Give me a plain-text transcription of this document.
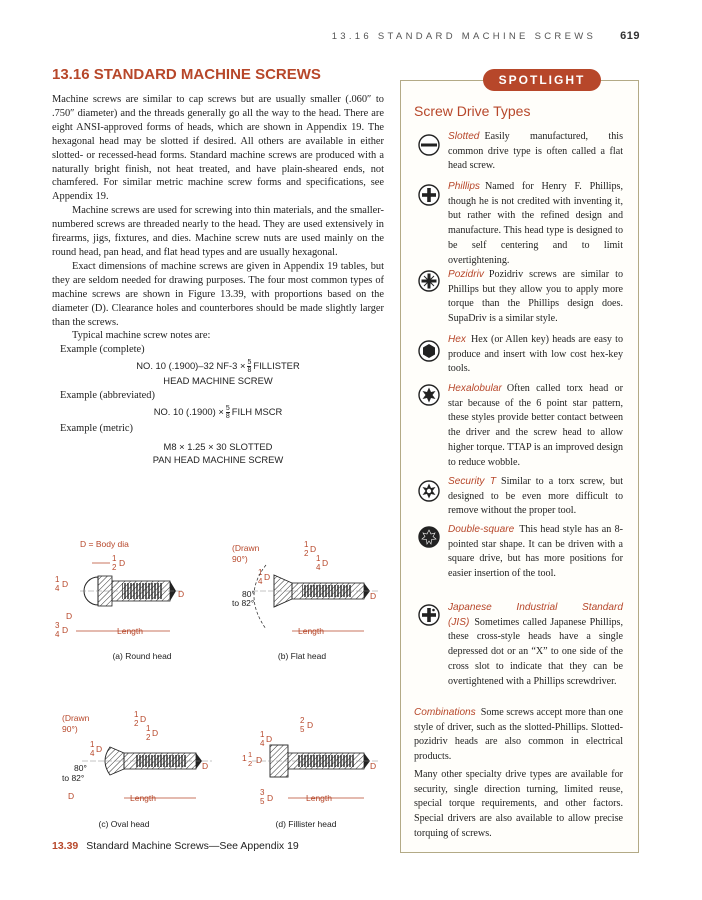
13.16 STANDARD MACHINE SCREWS 619
13.16 STANDARD MACHINE SCREWS

Machine screws are similar to cap screws but are usually smaller (.060″ to .750″ diameter) and the threads generally go all the way to the head. There are eight ANSI-approved forms of heads, which are shown in Appendix 19. The hexagonal head may be slotted if desired. All others are available in either slotted- or recessed-head forms. Standard machine screws are produced with a naturally bright finish, not heat treated, and have plain-sheared ends, not chamfered. For similar metric machine screw forms and specifications, see Appendix 19.

Machine screws are used for screwing into thin materials, and the smaller-numbered screws are threaded nearly to the head. They are used extensively in firearms, jigs, fixtures, and dies. Machine screw nuts are used mainly on the round head, pan head, and flat head types and are usually hexagonal.

Exact dimensions of machine screws are given in Appendix 19 tables, but they are seldom needed for drawing purposes. The four most common types of machine screws are shown in Figure 13.39, with proportions based on the diameter (D). Clearance holes and counterbores should be made slightly larger than the screws.

Typical machine screw notes are:

Example (complete)

NO. 10 (.1900)–32 $NF-3 \times \frac{5}{8}$ FILLISTER
HEAD MACHINE SCREW

Example (abbreviated)

NO. 10 $(.1900) \times \frac{5}{8}$ FILH MSCR

Example (metric)

M8 × 1.25 × 30 SLOTTED
PAN HEAD MACHINE SCREW
D = Body dia
1
2 D
1
4 D
D
D
3
4 D	Length
(a) Round head
(Drawn
90°)
1
2 D
1
4 D
1
4 D
80°
to 82°
D
Length
(b) Flat head
(Drawn
90°)
1
2 D
1
2 D
1
4 D
80°
to 82°
D
D	Length
(c) Oval head
2
5 D
1
4 D
1 1
2 D
D
3
5 D	Length
(d) Fillister head
13.39 Standard Machine Screws—See Appendix 19
SPOTLIGHT
Screw Drive Types
Slotted Easily manufactured, this common drive type is often called a flat head screw.
Phillips Named for Henry F. Phillips, though he is not credited with inventing it, but rather with the refined design and manufacture. This head type is designed to be self centering and to limit overtightening.
Pozidriv Pozidriv screws are similar to Phillips but they allow you to apply more torque than the Phillips design does. SupaDriv is a similar style.
Hex Hex (or Allen key) heads are easy to produce and insert with low cost hex-key tools.
Hexalobular Often called torx head or star because of the 6 point star pattern, these styles provide better contact between the driver and the screw head to allow higher torque. TTAP is an improved design to reduce wobble.
Security T Similar to a torx screw, but designed to be even more difficult to remove without the proper tool.
Double-square This head style has an 8-pointed star shape. It can be driven with a square drive, but has more positions for easier insertion of the tool.
Japanese Industrial Standard (JIS) Sometimes called Japanese Phillips, these cross-style heads have a single depressed dot or an “X” to one side of the cross slot to indicate that they can be overtightened with a Phillips screwdriver.
Combinations Some screws accept more than one style of driver, such as the slotted-Phillips. Slotted-pozidriv heads are also common in electrical products.
Many other specialty drive types are available for security, single direction turning, limited reuse, special torque requirements, and other factors. Special drivers are also available to allow precise torquing of screws.
